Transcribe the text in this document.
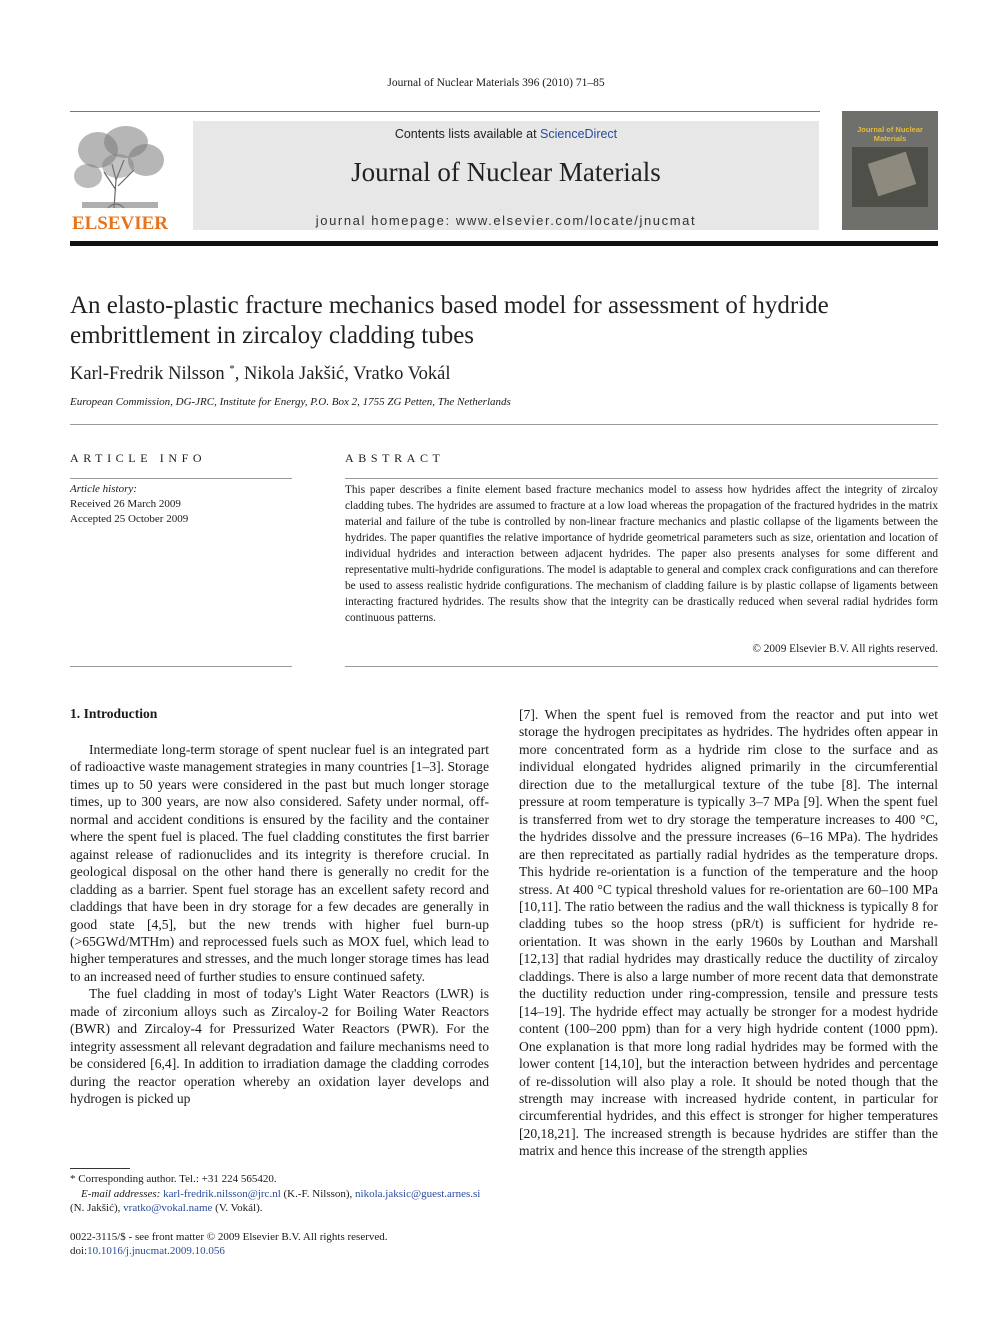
Journal of Nuclear Materials 396 (2010) 71–85
ELSEVIER
Contents lists available at ScienceDirect
Journal of Nuclear Materials
journal homepage: www.elsevier.com/locate/jnucmat
Journal of Nuclear Materials
An elasto-plastic fracture mechanics based model for assessment of hydride embrittlement in zircaloy cladding tubes
Karl-Fredrik Nilsson *, Nikola Jakšić, Vratko Vokál
European Commission, DG-JRC, Institute for Energy, P.O. Box 2, 1755 ZG Petten, The Netherlands
ARTICLE INFO	ABSTRACT
Article history:
Received 26 March 2009
Accepted 25 October 2009
This paper describes a finite element based fracture mechanics model to assess how hydrides affect the integrity of zircaloy cladding tubes. The hydrides are assumed to fracture at a low load whereas the propagation of the fractured hydrides in the matrix material and failure of the tube is controlled by non-linear fracture mechanics and plastic collapse of the ligaments between the hydrides. The paper quantifies the relative importance of hydride geometrical parameters such as size, orientation and location of individual hydrides and interaction between adjacent hydrides. The paper also presents analyses for some different and representative multi-hydride configurations. The model is adaptable to general and complex crack configurations and can therefore be used to assess realistic hydride configurations. The mechanism of cladding failure is by plastic collapse of ligaments between interacting fractured hydrides. The results show that the integrity can be drastically reduced when several radial hydrides form continuous patterns.
© 2009 Elsevier B.V. All rights reserved.
1. Introduction

Intermediate long-term storage of spent nuclear fuel is an integrated part of radioactive waste management strategies in many countries [1–3]. Storage times up to 50 years were considered in the past but much longer storage times, up to 300 years, are now also considered. Safety under normal, off-normal and accident conditions is ensured by the facility and the container where the spent fuel is placed. The fuel cladding constitutes the first barrier against release of radionuclides and its integrity is therefore crucial. In geological disposal on the other hand there is generally no credit for the cladding as a barrier. Spent fuel storage has an excellent safety record and claddings that have been in dry storage for a few decades are generally in good state [4,5], but the new trends with higher fuel burn-up (>65GWd/MTHm) and reprocessed fuels such as MOX fuel, which lead to higher temperatures and stresses, and the much longer storage times has lead to an increased need of further studies to ensure continued safety.

The fuel cladding in most of today's Light Water Reactors (LWR) is made of zirconium alloys such as Zircaloy-2 for Boiling Water Reactors (BWR) and Zircaloy-4 for Pressurized Water Reactors (PWR). For the integrity assessment all relevant degradation and failure mechanisms need to be considered [6,4]. In addition to irradiation damage the cladding corrodes during the reactor operation whereby an oxidation layer develops and hydrogen is picked up

[7]. When the spent fuel is removed from the reactor and put into wet storage the hydrogen precipitates as hydrides. The hydrides often appear in more concentrated form as a hydride rim close to the surface and as individual elongated hydrides aligned primarily in the circumferential direction due to the metallurgical texture of the tube [8]. The internal pressure at room temperature is typically 3–7 MPa [9]. When the spent fuel is transferred from wet to dry storage the temperature increases to 400 °C, the hydrides dissolve and the pressure increases (6–16 MPa). The hydrides are then reprecitated as partially radial hydrides as the temperature drops. This hydride re-orientation is a function of the temperature and the hoop stress. At 400 °C typical threshold values for re-orientation are 60–100 MPa [10,11]. The ratio between the radius and the wall thickness is typically 8 for cladding tubes so the hoop stress (pR/t) is sufficient for hydride re-orientation. It was shown in the early 1960s by Louthan and Marshall [12,13] that radial hydrides may drastically reduce the ductility of zircaloy claddings. There is also a large number of more recent data that demonstrate the ductility reduction under ring-compression, tensile and pressure tests [14–19]. The hydride effect may actually be stronger for a modest hydride content (100–200 ppm) than for a very high hydride content (1000 ppm). One explanation is that more long radial hydrides may be formed with the lower content [14,10], but the interaction between hydrides and percentage of re-dissolution will also play a role. It should be noted though that the strength may increase with increased hydride content, in particular for circumferential hydrides, and this effect is stronger for higher temperatures [20,18,21]. The increased strength is because hydrides are stiffer than the matrix and hence this increase of the strength applies

* Corresponding author. Tel.: +31 224 565420.
E-mail addresses: karl-fredrik.nilsson@jrc.nl (K.-F. Nilsson), nikola.jaksic@guest.arnes.si (N. Jakšić), vratko@vokal.name (V. Vokál).
0022-3115/$ - see front matter © 2009 Elsevier B.V. All rights reserved.
doi:10.1016/j.jnucmat.2009.10.056
